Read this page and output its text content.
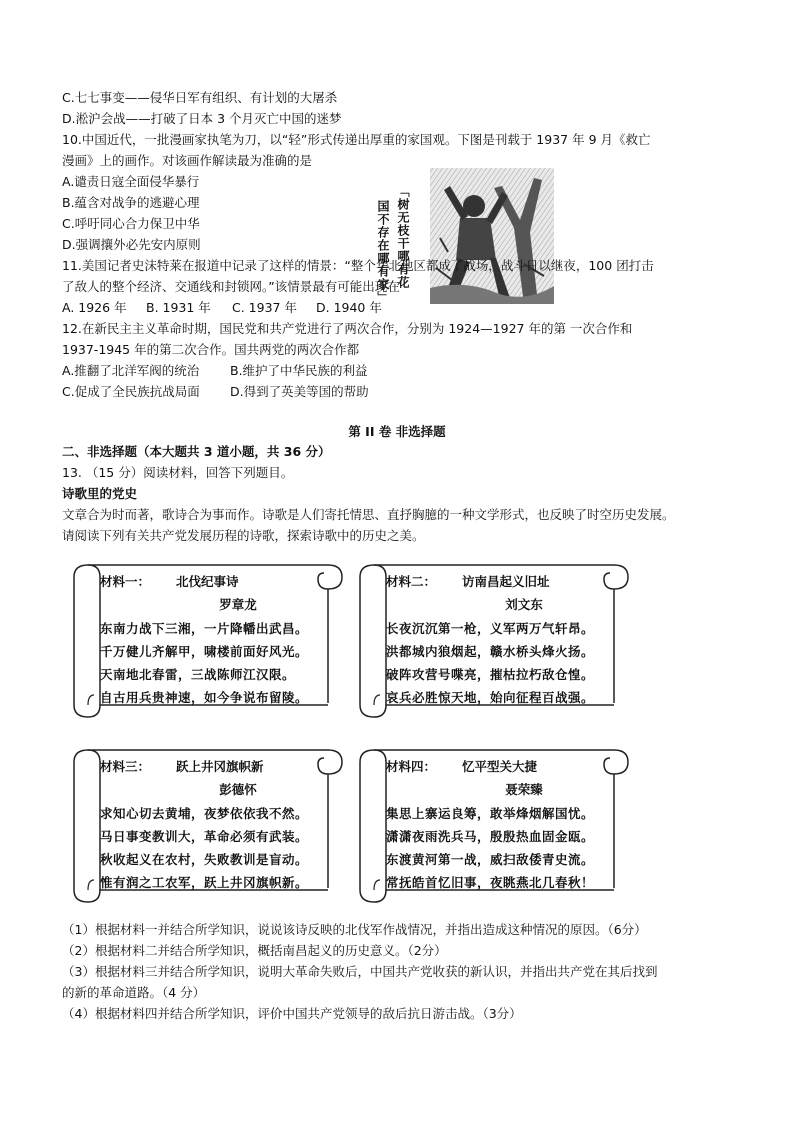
C.七七事变——侵华日军有组织、有计划的大屠杀
D.淞沪会战——打破了日本 3 个月灭亡中国的迷梦
10.中国近代，一批漫画家执笔为刀，以“轻”形式传递出厚重的家国观。下图是刊载于 1937 年 9 月《救亡
漫画》上的画作。对该画作解读最为准确的是
A.谴责日寇全面侵华暴行
B.蕴含对战争的逃避心理
C.呼吁同心合力保卫中华
D.强调攘外必先安内原则	「树无枝干哪有花
国不存在哪有家」
11.美国记者史沫特莱在报道中记录了这样的情景：“整个华北地区都成了战场，战斗日以继夜，100 团打击
了敌人的整个经济、交通线和封锁网。”该情景最有可能出现在
A. 1926 年 B. 1931 年 C. 1937 年 D. 1940 年
12.在新民主主义革命时期，国民党和共产党进行了两次合作，分别为 1924—1927 年的第 一次合作和
1937-1945 年的第二次合作。国共两党的两次合作都
A.推翻了北洋军阀的统治 B.维护了中华民族的利益
C.促成了全民族抗战局面 D.得到了英美等国的帮助
第 II 卷 非选择题
二、非选择题（本大题共 3 道小题，共 36 分）
13. （15 分）阅读材料，回答下列题目。
诗歌里的党史
文章合为时而著，歌诗合为事而作。诗歌是人们寄托情思、直抒胸臆的一种文学形式，也反映了时空历史发展。
请阅读下列有关共产党发展历程的诗歌，探索诗歌中的历史之美。
材料一： 北伐纪事诗
罗章龙
东南力战下三湘，一片降幡出武昌。
千万健儿齐解甲，啸楼前面好风光。
天南地北春雷，三战陈师江汉限。
自古用兵贵神速，如今争说布留陵。
材料二： 访南昌起义旧址
刘文东
长夜沉沉第一枪，义军两万气轩昂。
洪都城内狼烟起，赣水桥头烽火扬。
破阵攻营号喋亮，摧枯拉朽敌仓惶。
哀兵必胜惊天地，始向征程百战强。
材料三： 跃上井冈旗帜新
彭德怀
求知心切去黄埔，夜梦依依我不然。
马日事变教训大，革命必须有武装。
秋收起义在农村，失败教训是盲动。
惟有润之工农军，跃上井冈旗帜新。
材料四： 忆平型关大捷
聂荣臻
集思上寨运良筹，敢举烽烟解国忧。
潇潇夜雨洗兵马，殷殷热血固金瓯。
东渡黄河第一战，威扫敌倭青史流。
常抚皓首忆旧事，夜眺燕北几春秋！
（1）根据材料一并结合所学知识，说说该诗反映的北伐军作战情况，并指出造成这种情况的原因。（6分）
（2）根据材料二并结合所学知识，概括南昌起义的历史意义。（2分）
（3）根据材料三并结合所学知识，说明大革命失败后，中国共产党收获的新认识，并指出共产党在其后找到
的新的革命道路。（4 分）
（4）根据材料四并结合所学知识，评价中国共产党领导的敌后抗日游击战。（3分）
